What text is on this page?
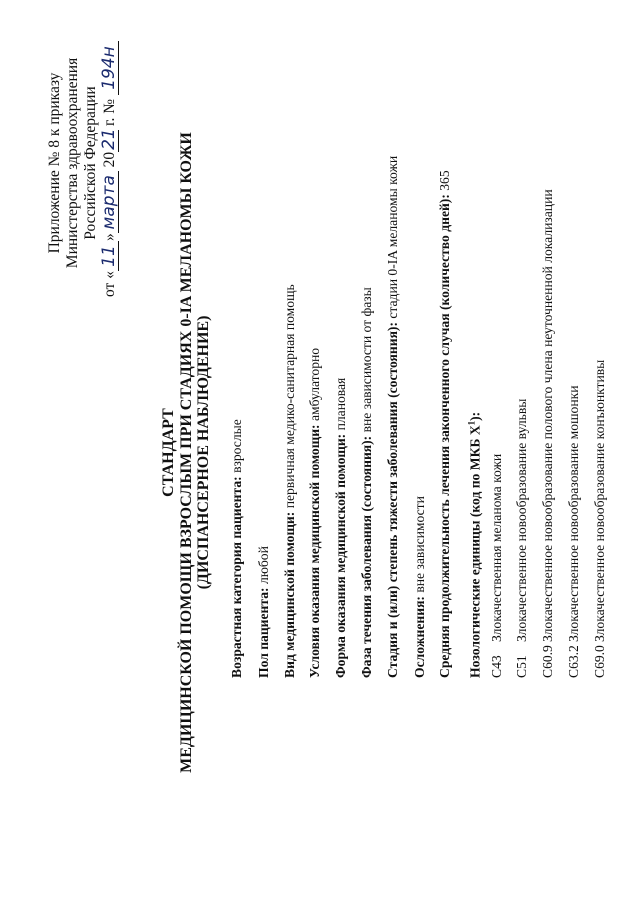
Приложение № 8 к приказу Министерства здравоохранения Российской Федерации
от «11»марта 2021 г. № 194н
СТАНДАРТ МЕДИЦИНСКОЙ ПОМОЩИ ВЗРОСЛЫМ ПРИ СТАДИЯХ 0-IA МЕЛАНОМЫ КОЖИ (ДИСПАНСЕРНОЕ НАБЛЮДЕНИЕ) Возрастная категория пациента: взрослые
Пол пациента: любой Вид медицинской помощи: первичная медико-санитарная помощь
Условия оказания медицинской помощи: амбулаторно
Форма оказания медицинской помощи: плановая
Фаза течения заболевания (состояния): вне зависимости от фазы Стадия и (или) степень тяжести заболевания (состояния): стадии 0-IA меланомы кожи
Осложнения: вне зависимости Средняя продолжительность лечения законченного случая (количество дней): 365
Нозологические единицы (код по МКБ $X^1$):
C43Злокачественная меланома кожи
C51Злокачественное новообразование вульвы
C60.9Злокачественное новообразование полового члена неуточненной локализации
C63.2Злокачественное новообразование мошонки
C69.0Злокачественное новообразование конъюнктивы
